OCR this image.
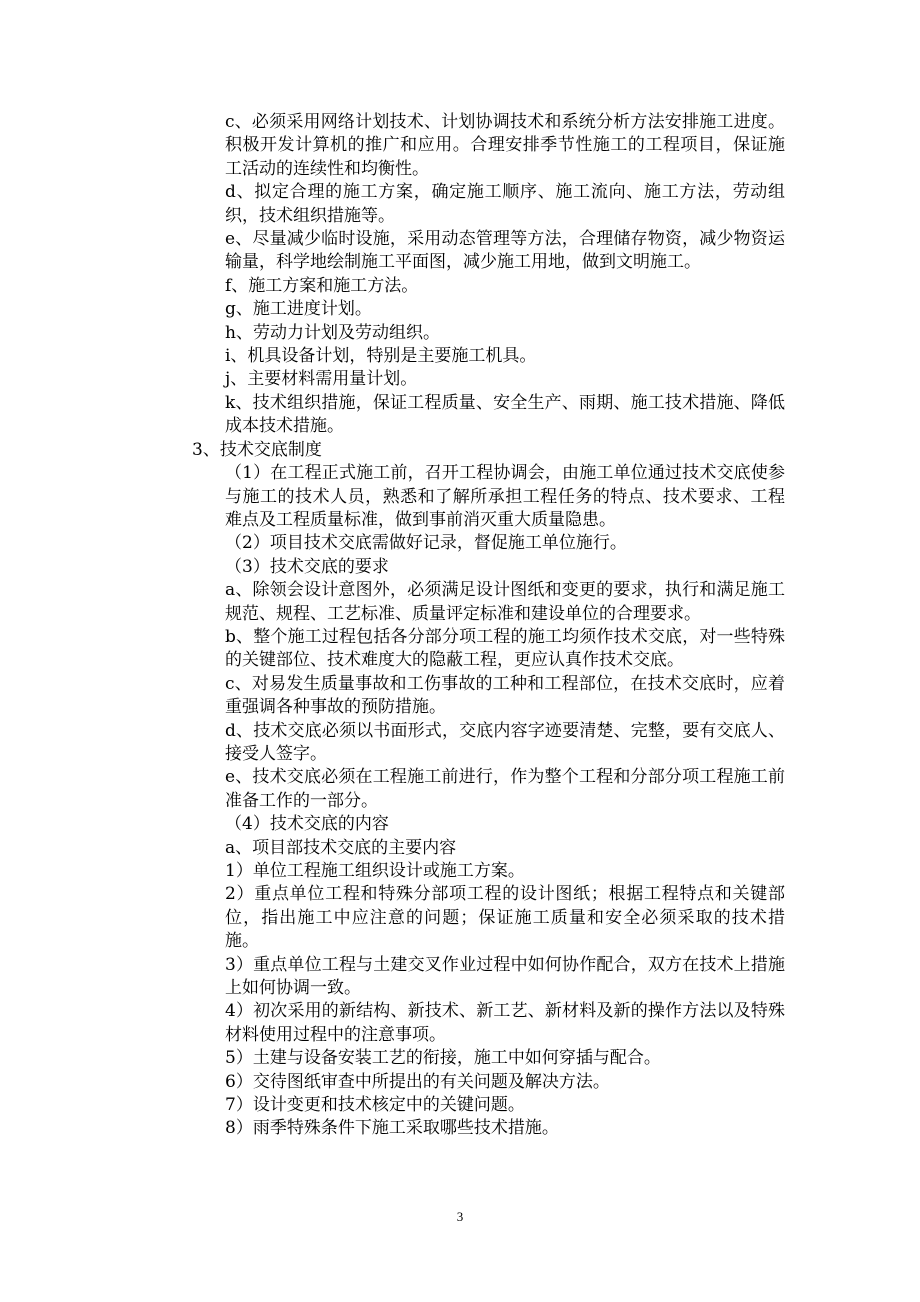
c、必须采用网络计划技术、计划协调技术和系统分析方法安排施工进度。积极开发计算机的推广和应用。合理安排季节性施工的工程项目，保证施工活动的连续性和均衡性。

d、拟定合理的施工方案，确定施工顺序、施工流向、施工方法，劳动组织，技术组织措施等。

e、尽量减少临时设施，采用动态管理等方法，合理储存物资，减少物资运输量，科学地绘制施工平面图，减少施工用地，做到文明施工。

f、施工方案和施工方法。

g、施工进度计划。

h、劳动力计划及劳动组织。

i、机具设备计划，特别是主要施工机具。

j、主要材料需用量计划。

k、技术组织措施，保证工程质量、安全生产、雨期、施工技术措施、降低成本技术措施。

3、技术交底制度

（1）在工程正式施工前，召开工程协调会，由施工单位通过技术交底使参与施工的技术人员，熟悉和了解所承担工程任务的特点、技术要求、工程难点及工程质量标准，做到事前消灭重大质量隐患。

（2）项目技术交底需做好记录，督促施工单位施行。

（3）技术交底的要求

a、除领会设计意图外，必须满足设计图纸和变更的要求，执行和满足施工规范、规程、工艺标准、质量评定标准和建设单位的合理要求。

b、整个施工过程包括各分部分项工程的施工均须作技术交底，对一些特殊的关键部位、技术难度大的隐蔽工程，更应认真作技术交底。

c、对易发生质量事故和工伤事故的工种和工程部位，在技术交底时，应着重强调各种事故的预防措施。

d、技术交底必须以书面形式，交底内容字迹要清楚、完整，要有交底人、接受人签字。

e、技术交底必须在工程施工前进行，作为整个工程和分部分项工程施工前准备工作的一部分。

（4）技术交底的内容

a、项目部技术交底的主要内容

1）单位工程施工组织设计或施工方案。

2）重点单位工程和特殊分部项工程的设计图纸；根据工程特点和关键部位，指出施工中应注意的问题；保证施工质量和安全必须采取的技术措施。

3）重点单位工程与土建交叉作业过程中如何协作配合，双方在技术上措施上如何协调一致。

4）初次采用的新结构、新技术、新工艺、新材料及新的操作方法以及特殊材料使用过程中的注意事项。

5）土建与设备安装工艺的衔接，施工中如何穿插与配合。

6）交待图纸审查中所提出的有关问题及解决方法。

7）设计变更和技术核定中的关键问题。

8）雨季特殊条件下施工采取哪些技术措施。

3
